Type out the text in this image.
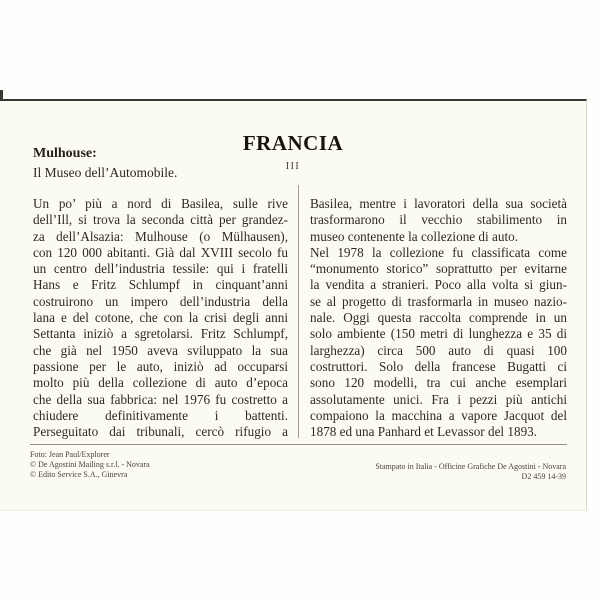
FRANCIA
III
Mulhouse:
Il Museo dell’Automobile.
Un po’ più a nord di Basilea, sulle rive
dell’Ill, si trova la seconda città per grandez-
za dell’Alsazia: Mulhouse (o Mülhausen),
con 120 000 abitanti. Già dal XVIII secolo fu
un centro dell’industria tessile: qui i fratelli
Hans e Fritz Schlumpf in cinquant’anni
costruirono un impero dell’industria della
lana e del cotone, che con la crisi degli anni
Settanta iniziò a sgretolarsi. Fritz Schlumpf,
che già nel 1950 aveva sviluppato la sua
passione per le auto, iniziò ad occuparsi
molto più della collezione di auto d’epoca
che della sua fabbrica: nel 1976 fu costretto a
chiudere definitivamente i battenti.
Perseguitato dai tribunali, cercò rifugio a
Basilea, mentre i lavoratori della sua società
trasformarono il vecchio stabilimento in
museo contenente la collezione di auto.
Nel 1978 la collezione fu classificata come
“monumento storico” soprattutto per evitarne
la vendita a stranieri. Poco alla volta si giun-
se al progetto di trasformarla in museo nazio-
nale. Oggi questa raccolta comprende in un
solo ambiente (150 metri di lunghezza e 35 di
larghezza) circa 500 auto di quasi 100
costruttori. Solo della francese Bugatti ci
sono 120 modelli, tra cui anche esemplari
assolutamente unici. Fra i pezzi più antichi
compaiono la macchina a vapore Jacquot del
1878 ed una Panhard et Levassor del 1893.
Foto: Jean Paul/Explorer
© De Agostini Mailing s.r.l. - Novara
© Edito Service S.A., Ginevra
Stampato in Italia - Officine Grafiche De Agostini - Novara
D2 459 14-39
